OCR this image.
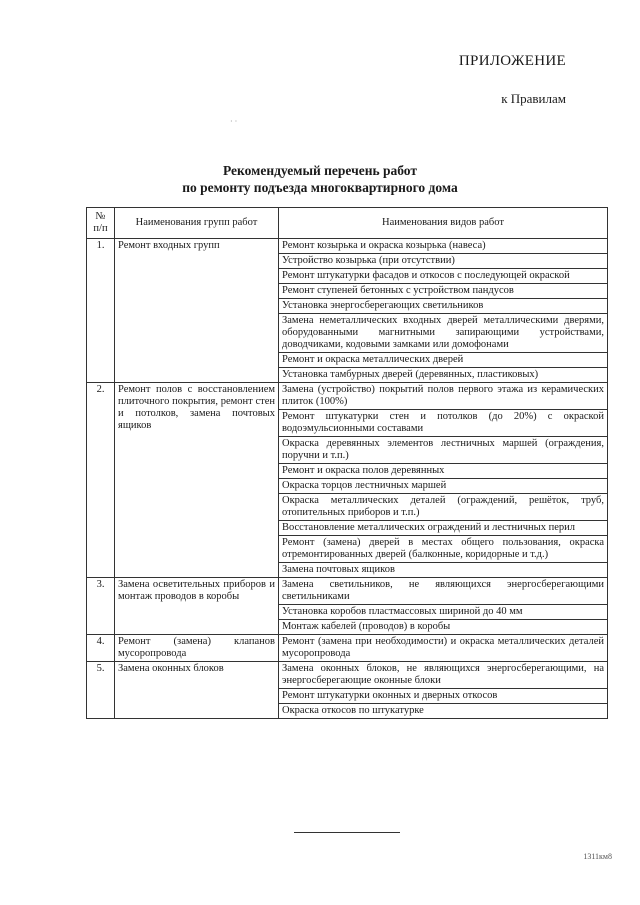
ПРИЛОЖЕНИЕ
к Правилам
· ·
Рекомендуемый перечень работ
по ремонту подъезда многоквартирного дома
№ п/п	Наименования групп работ	Наименования видов работ
1.	Ремонт входных групп	Ремонт козырька и окраска козырька (навеса)
		Устройство козырька (при отсутствии)
		Ремонт штукатурки фасадов и откосов с последующей окраской
		Ремонт ступеней бетонных с устройством пандусов
		Установка энергосберегающих светильников
		Замена неметаллических входных дверей металлическими дверями, оборудованными магнитными запирающими устройствами, доводчиками, кодовыми замками или домофонами
		Ремонт и окраска металлических дверей
		Установка тамбурных дверей (деревянных, пластиковых)
2.	Ремонт полов с восстановлением плиточного покрытия, ремонт стен и потолков, замена почтовых ящиков	Замена (устройство) покрытий полов первого этажа из керамических плиток (100%)
		Ремонт штукатурки стен и потолков (до 20%) с окраской водоэмульсионными составами
		Окраска деревянных элементов лестничных маршей (ограждения, поручни и т.п.)
		Ремонт и окраска полов деревянных
		Окраска торцов лестничных маршей
		Окраска металлических деталей (ограждений, решёток, труб, отопительных приборов и т.п.)
		Восстановление металлических ограждений и лестничных перил
		Ремонт (замена) дверей в местах общего пользования, окраска отремонтированных дверей (балконные, коридорные и т.д.)
		Замена почтовых ящиков
3.	Замена осветительных приборов и монтаж проводов в коробы	Замена светильников, не являющихся энергосберегающими светильниками
		Установка коробов пластмассовых шириной до 40 мм
		Монтаж кабелей (проводов) в коробы
4.	Ремонт (замена) клапанов мусоропровода	Ремонт (замена при необходимости) и окраска металлических деталей мусоропровода
5.	Замена оконных блоков	Замена оконных блоков, не являющихся энергосберегающими, на энергосберегающие оконные блоки
		Ремонт штукатурки оконных и дверных откосов
		Окраска откосов по штукатурке
1311км8
